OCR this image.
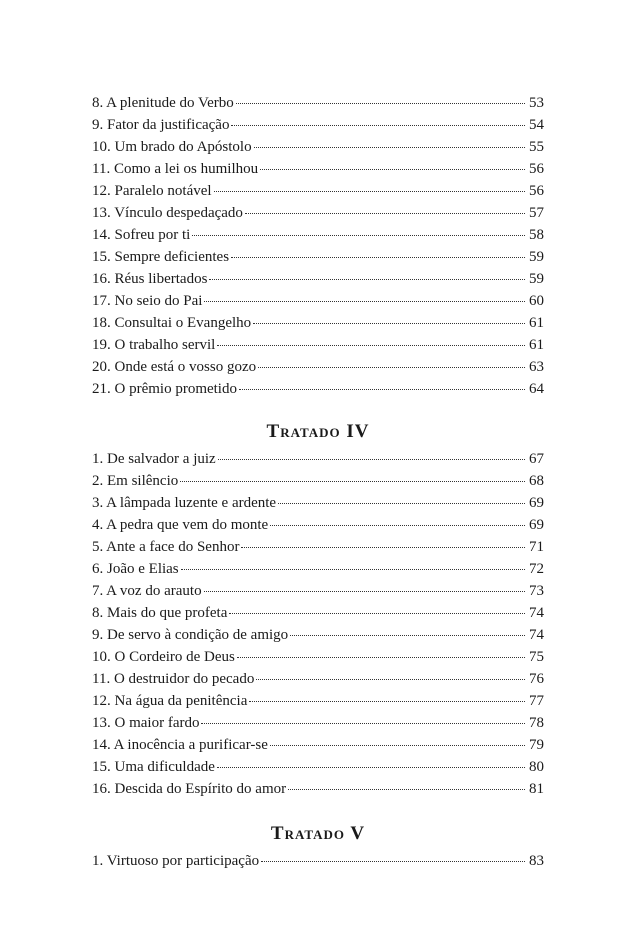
8. A plenitude do Verbo	53
9. Fator da justificação	54
10. Um brado do Apóstolo	55
11. Como a lei os humilhou	56
12. Paralelo notável	56
13. Vínculo despedaçado	57
14. Sofreu por ti	58
15. Sempre deficientes	59
16. Réus libertados	59
17. No seio do Pai	60
18. Consultai o Evangelho	61
19. O trabalho servil	61
20. Onde está o vosso gozo	63
21. O prêmio prometido	64
Tratado IV
1. De salvador a juiz	67
2. Em silêncio	68
3. A lâmpada luzente e ardente	69
4. A pedra que vem do monte	69
5. Ante a face do Senhor	71
6. João e Elias	72
7. A voz do arauto	73
8. Mais do que profeta	74
9. De servo à condição de amigo	74
10. O Cordeiro de Deus	75
11. O destruidor do pecado	76
12. Na água da penitência	77
13. O maior fardo	78
14. A inocência a purificar-se	79
15. Uma dificuldade	80
16. Descida do Espírito do amor	81
Tratado V
1. Virtuoso por participação	83
